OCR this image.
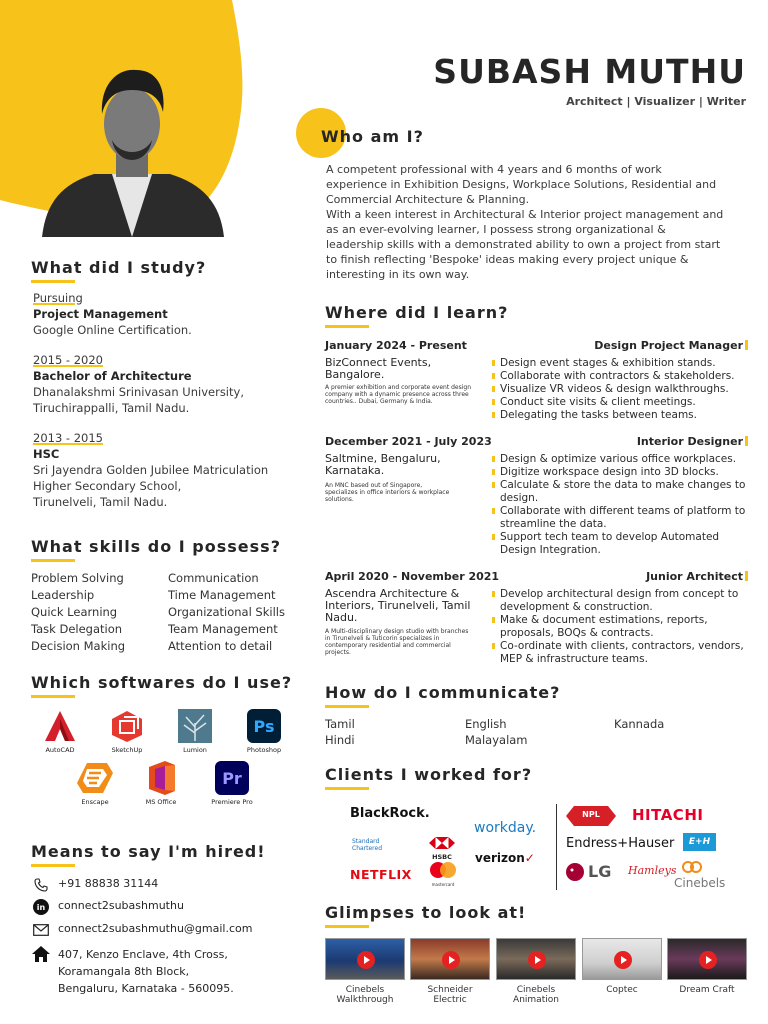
SUBASH MUTHU
Architect | Visualizer | Writer
Who am I?
A competent professional with 4 years and 6 months of work experience in Exhibition Designs, Workplace Solutions, Residential and Commercial Architecture & Planning.
With a keen interest in Architectural & Interior project management and as an ever-evolving learner, I possess strong organizational & leadership skills with a demonstrated ability to own a project from start to finish reflecting 'Bespoke' ideas making every project unique & interesting in its own way.
What did I study?
Pursuing
Project Management
Google Online Certification.
2015 - 2020
Bachelor of Architecture
Dhanalakshmi Srinivasan University,
Tiruchirappalli, Tamil Nadu.
2013 - 2015
HSC
Sri Jayendra Golden Jubilee Matriculation
Higher Secondary School,
Tirunelveli, Tamil Nadu.
What skills do I possess?
Problem Solving	Communication
Leadership	Time Management
Quick Learning	Organizational Skills
Task Delegation	Team Management
Decision Making	Attention to detail
Which softwares do I use?
AutoCAD	SketchUp	Lumion
Ps
Photoshop
Enscape	MS Office
Pr
Premiere Pro
Means to say I'm hired!
+91 88838 31144
in	connect2subashmuthu
connect2subashmuthu@gmail.com
407, Kenzo Enclave, 4th Cross,
Koramangala 8th Block,
Bengaluru, Karnataka - 560095.
Where did I learn?
January 2024 - Present	Design Project Manager
BizConnect Events, Bangalore.
A premier exhibition and corporate event design company with a dynamic presence across three countries.. Dubai, Germany & India.
Design event stages & exhibition stands.
Collaborate with contractors & stakeholders.
Visualize VR videos & design walkthroughs.
Conduct site visits & client meetings.
Delegating the tasks between teams.
December 2021 - July 2023	Interior Designer
Saltmine, Bengaluru, Karnataka.
An MNC based out of Singapore, specializes in office interiors & workplace solutions.
Design & optimize various office workplaces.
Digitize workspace design into 3D blocks.
Calculate & store the data to make changes to design.
Collaborate with different teams of platform to streamline the data.
Support tech team to develop Automated Design Integration.
April 2020 - November 2021	Junior Architect
Ascendra Architecture & Interiors, Tirunelveli, Tamil Nadu.
A Multi-disciplinary design studio with branches in Tirunelveli & Tuticorin specializes in contemporary residential and commercial projects.
Develop architectural design from concept to development & construction.
Make & document estimations, reports, proposals, BOQs & contracts.
Co-ordinate with clients, contractors, vendors, MEP & infrastructure teams.
How do I communicate?
Tamil	English	Kannada
Hindi	Malayalam
Clients I worked for?
BlackRock.
Standard
Chartered
HSBC
workday.
verizon✓
NETFLIX
mastercard
NPL	HITACHI
Endress+Hauser	E+H
LG Hamleys
Cinebels
Glimpses to look at!
Cinebels
Walkthrough
Schneider
Electric
Cinebels
Animation
Coptec	Dream Craft
